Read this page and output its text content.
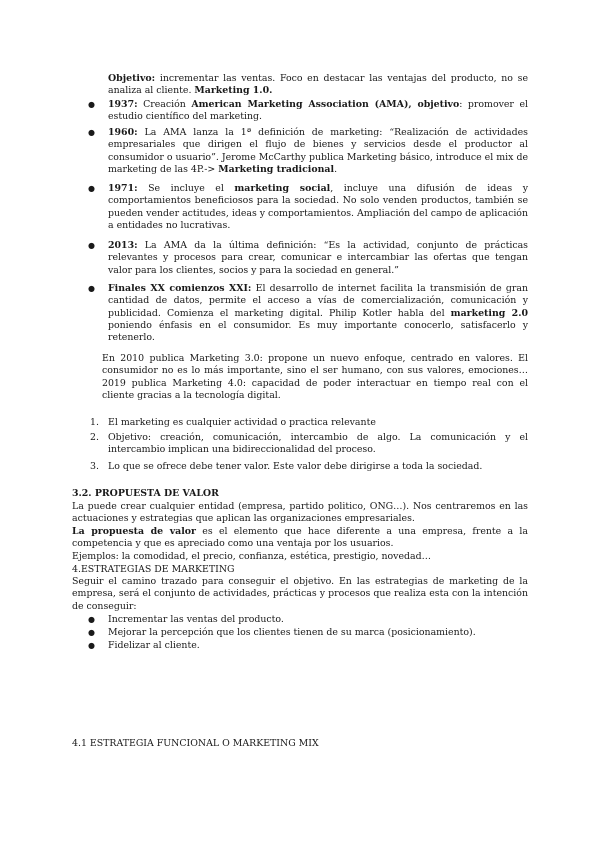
Objetivo: incrementar las ventas. Foco en destacar las ventajas del producto, no se analiza al cliente. Marketing 1.0.

● 1937: Creación American Marketing Association (AMA), objetivo: promover el estudio científico del marketing.

● 1960: La AMA lanza la 1ª definición de marketing: “Realización de actividades empresariales que dirigen el flujo de bienes y servicios desde el productor al consumidor o usuario”. Jerome McCarthy publica Marketing básico, introduce el mix de marketing de las 4P.-> Marketing tradicional.

● 1971: Se incluye el marketing social, incluye una difusión de ideas y comportamientos beneficiosos para la sociedad. No solo venden productos, también se pueden vender actitudes, ideas y comportamientos. Ampliación del campo de aplicación a entidades no lucrativas.

● 2013: La AMA da la última definición: “Es la actividad, conjunto de prácticas relevantes y procesos para crear, comunicar e intercambiar las ofertas que tengan valor para los clientes, socios y para la sociedad en general.”

● Finales XX comienzos XXI: El desarrollo de internet facilita la transmisión de gran cantidad de datos, permite el acceso a vías de comercialización, comunicación y publicidad. Comienza el marketing digital. Philip Kotler habla del marketing 2.0 poniendo énfasis en el consumidor. Es muy importante conocerlo, satisfacerlo y retenerlo.

En 2010 publica Marketing 3.0: propone un nuevo enfoque, centrado en valores. El consumidor no es lo más importante, sino el ser humano, con sus valores, emociones… 2019 publica Marketing 4.0: capacidad de poder interactuar en tiempo real con el cliente gracias a la tecnología digital.

1. El marketing es cualquier actividad o practica relevante

2. Objetivo: creación, comunicación, intercambio de algo. La comunicación y el intercambio implican una bidireccionalidad del proceso.

3. Lo que se ofrece debe tener valor. Este valor debe dirigirse a toda la sociedad.

3.2. PROPUESTA DE VALOR

La puede crear cualquier entidad (empresa, partido politico, ONG…). Nos centraremos en las actuaciones y estrategias que aplican las organizaciones empresariales.

La propuesta de valor es el elemento que hace diferente a una empresa, frente a la competencia y que es apreciado como una ventaja por los usuarios.

Ejemplos: la comodidad, el precio, confianza, estética, prestigio, novedad…

4.ESTRATEGIAS DE MARKETING

Seguir el camino trazado para conseguir el objetivo. En las estrategias de marketing de la empresa, será el conjunto de actividades, prácticas y procesos que realiza esta con la intención de conseguir:

● Incrementar las ventas del producto.

● Mejorar la percepción que los clientes tienen de su marca (posicionamiento).

● Fidelizar al cliente.

4.1 ESTRATEGIA FUNCIONAL O MARKETING MIX
